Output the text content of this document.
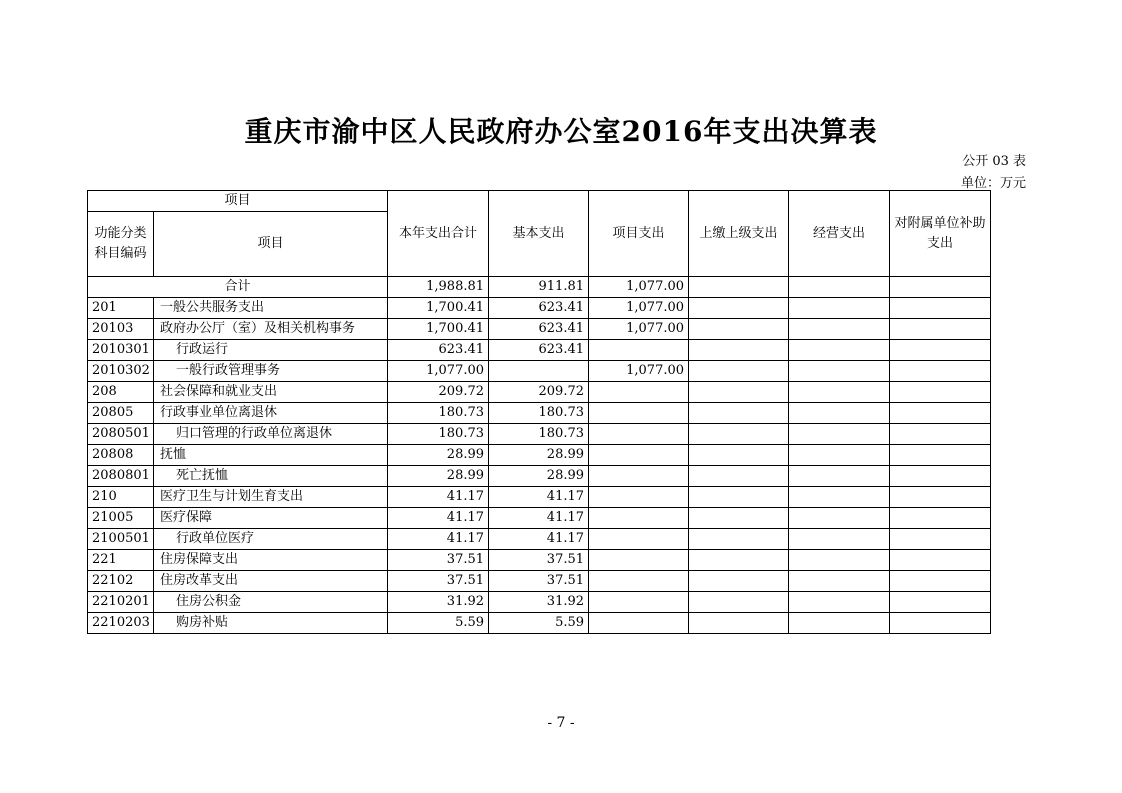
重庆市渝中区人民政府办公室2016年支出决算表
公开 03 表
单位：万元
项目		本年支出合计	基本支出	项目支出	上缴上级支出	经营支出	对附属单位补助支出
功能分类科目编码	项目						
合计		1,988.81	911.81	1,077.00			
201	一般公共服务支出	1,700.41	623.41	1,077.00			
20103	政府办公厅（室）及相关机构事务	1,700.41	623.41	1,077.00			
2010301	行政运行	623.41	623.41				
2010302	一般行政管理事务	1,077.00		1,077.00			
208	社会保障和就业支出	209.72	209.72				
20805	行政事业单位离退休	180.73	180.73				
2080501	归口管理的行政单位离退休	180.73	180.73				
20808	抚恤	28.99	28.99				
2080801	死亡抚恤	28.99	28.99				
210	医疗卫生与计划生育支出	41.17	41.17				
21005	医疗保障	41.17	41.17				
2100501	行政单位医疗	41.17	41.17				
221	住房保障支出	37.51	37.51				
22102	住房改革支出	37.51	37.51				
2210201	住房公积金	31.92	31.92				
2210203	购房补贴	5.59	5.59				
- 7 -
